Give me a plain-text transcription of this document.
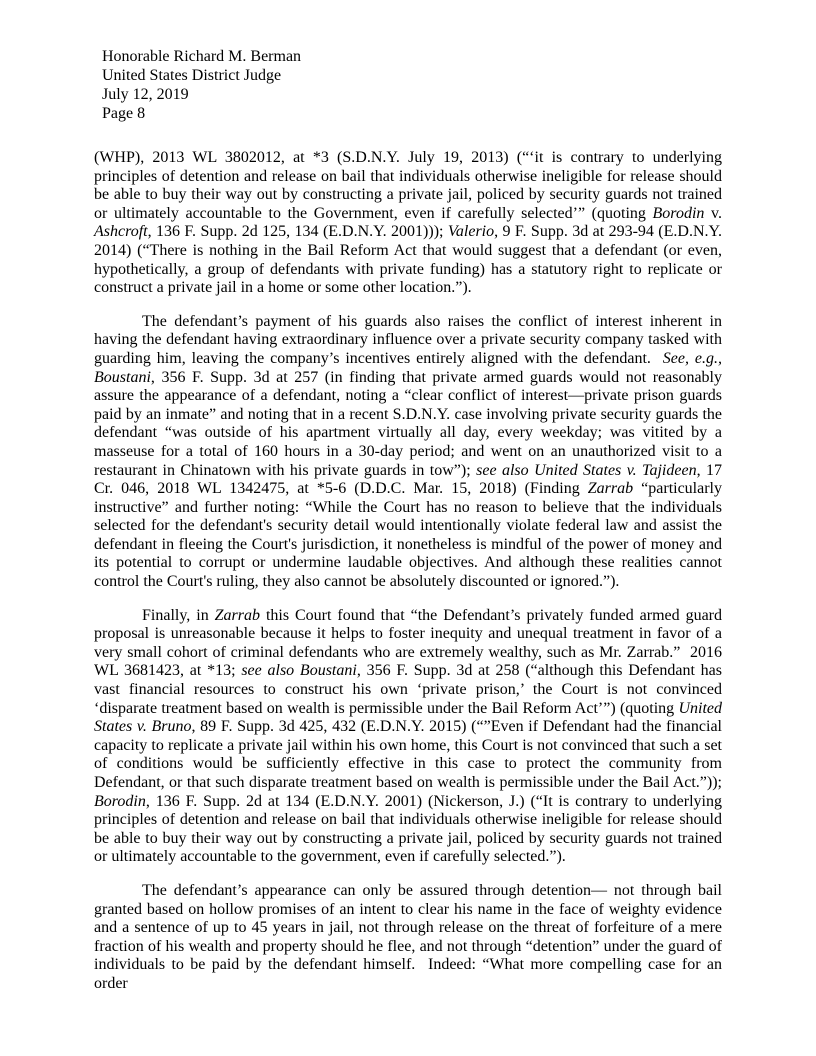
Honorable Richard M. Berman
United States District Judge
July 12, 2019
Page 8

(WHP), 2013 WL 3802012, at *3 (S.D.N.Y. July 19, 2013) (“‘it is contrary to underlying principles of detention and release on bail that individuals otherwise ineligible for release should be able to buy their way out by constructing a private jail, policed by security guards not trained or ultimately accountable to the Government, even if carefully selected’” (quoting Borodin v. Ashcroft, 136 F. Supp. 2d 125, 134 (E.D.N.Y. 2001))); Valerio, 9 F. Supp. 3d at 293-94 (E.D.N.Y. 2014) (“There is nothing in the Bail Reform Act that would suggest that a defendant (or even, hypothetically, a group of defendants with private funding) has a statutory right to replicate or construct a private jail in a home or some other location.”).

The defendant’s payment of his guards also raises the conflict of interest inherent in having the defendant having extraordinary influence over a private security company tasked with guarding him, leaving the company’s incentives entirely aligned with the defendant.  See, e.g., Boustani, 356 F. Supp. 3d at 257 (in finding that private armed guards would not reasonably assure the appearance of a defendant, noting a “clear conflict of interest—private prison guards paid by an inmate” and noting that in a recent S.D.N.Y. case involving private security guards the defendant “was outside of his apartment virtually all day, every weekday; was vitited by a masseuse for a total of 160 hours in a 30-day period; and went on an unauthorized visit to a restaurant in Chinatown with his private guards in tow”); see also United States v. Tajideen, 17 Cr. 046, 2018 WL 1342475, at *5-6 (D.D.C. Mar. 15, 2018) (Finding Zarrab “particularly instructive” and further noting: “While the Court has no reason to believe that the individuals selected for the defendant's security detail would intentionally violate federal law and assist the defendant in fleeing the Court's jurisdiction, it nonetheless is mindful of the power of money and its potential to corrupt or undermine laudable objectives. And although these realities cannot control the Court's ruling, they also cannot be absolutely discounted or ignored.”).

Finally, in Zarrab this Court found that “the Defendant’s privately funded armed guard proposal is unreasonable because it helps to foster inequity and unequal treatment in favor of a very small cohort of criminal defendants who are extremely wealthy, such as Mr. Zarrab.”  2016 WL 3681423, at *13; see also Boustani, 356 F. Supp. 3d at 258 (“although this Defendant has vast financial resources to construct his own ‘private prison,’ the Court is not convinced ‘disparate treatment based on wealth is permissible under the Bail Reform Act’”) (quoting United States v. Bruno, 89 F. Supp. 3d 425, 432 (E.D.N.Y. 2015) (“”Even if Defendant had the financial capacity to replicate a private jail within his own home, this Court is not convinced that such a set of conditions would be sufficiently effective in this case to protect the community from Defendant, or that such disparate treatment based on wealth is permissible under the Bail Act.”)); Borodin, 136 F. Supp. 2d at 134 (E.D.N.Y. 2001) (Nickerson, J.) (“It is contrary to underlying principles of detention and release on bail that individuals otherwise ineligible for release should be able to buy their way out by constructing a private jail, policed by security guards not trained or ultimately accountable to the government, even if carefully selected.”).

The defendant’s appearance can only be assured through detention— not through bail granted based on hollow promises of an intent to clear his name in the face of weighty evidence and a sentence of up to 45 years in jail, not through release on the threat of forfeiture of a mere fraction of his wealth and property should he flee, and not through “detention” under the guard of individuals to be paid by the defendant himself.  Indeed: “What more compelling case for an order
